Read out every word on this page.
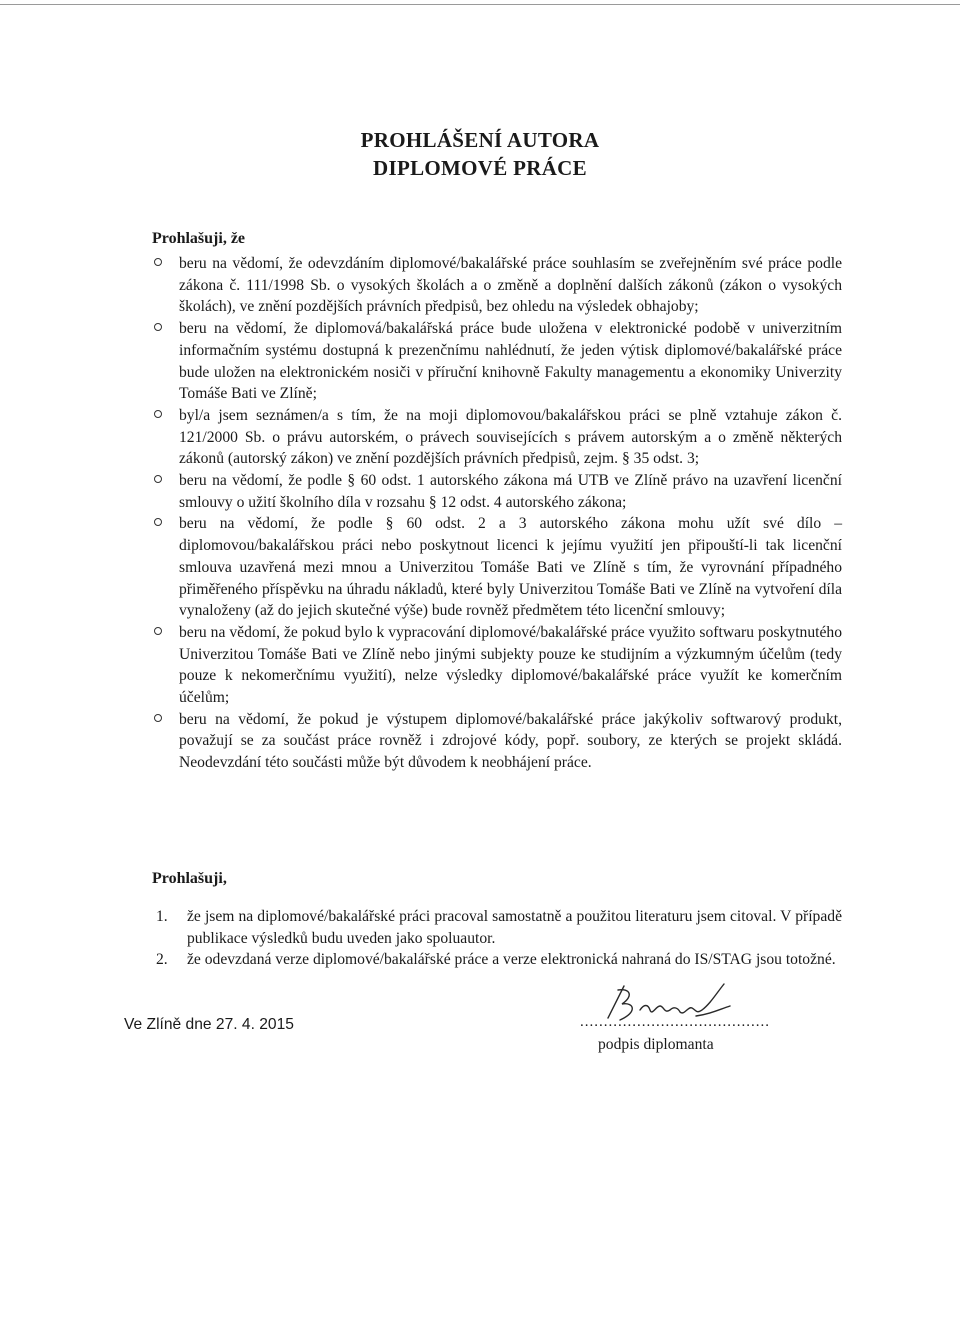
PROHLÁŠENÍ AUTORA
DIPLOMOVÉ PRÁCE
Prohlašuji, že
beru na vědomí, že odevzdáním diplomové/bakalářské práce souhlasím se zveřejněním své práce podle zákona č. 111/1998 Sb. o vysokých školách a o změně a doplnění dalších zákonů (zákon o vysokých školách), ve znění pozdějších právních předpisů, bez ohledu na výsledek obhajoby;
beru na vědomí, že diplomová/bakalářská práce bude uložena v elektronické podobě v univerzitním informačním systému dostupná k prezenčnímu nahlédnutí, že jeden výtisk diplomové/bakalářské práce bude uložen na elektronickém nosiči v příruční knihovně Fakulty managementu a ekonomiky Univerzity Tomáše Bati ve Zlíně;
byl/a jsem seznámen/a s tím, že na moji diplomovou/bakalářskou práci se plně vztahuje zákon č. 121/2000 Sb. o právu autorském, o právech souvisejících s právem autorským a o změně některých zákonů (autorský zákon) ve znění pozdějších právních předpisů, zejm. § 35 odst. 3;
beru na vědomí, že podle § 60 odst. 1 autorského zákona má UTB ve Zlíně právo na uzavření licenční smlouvy o užití školního díla v rozsahu § 12 odst. 4 autorského zákona;
beru na vědomí, že podle § 60 odst. 2 a 3 autorského zákona mohu užít své dílo – diplomovou/bakalářskou práci nebo poskytnout licenci k jejímu využití jen připouští-li tak licenční smlouva uzavřená mezi mnou a Univerzitou Tomáše Bati ve Zlíně s tím, že vyrovnání případného přiměřeného příspěvku na úhradu nákladů, které byly Univerzitou Tomáše Bati ve Zlíně na vytvoření díla vynaloženy (až do jejich skutečné výše) bude rovněž předmětem této licenční smlouvy;
beru na vědomí, že pokud bylo k vypracování diplomové/bakalářské práce využito softwaru poskytnutého Univerzitou Tomáše Bati ve Zlíně nebo jinými subjekty pouze ke studijním a výzkumným účelům (tedy pouze k nekomerčnímu využití), nelze výsledky diplomové/bakalářské práce využít ke komerčním účelům;
beru na vědomí, že pokud je výstupem diplomové/bakalářské práce jakýkoliv softwarový produkt, považují se za součást práce rovněž i zdrojové kódy, popř. soubory, ze kterých se projekt skládá. Neodevzdání této součásti může být důvodem k neobhájení práce.
Prohlašuji,
1. že jsem na diplomové/bakalářské práci pracoval samostatně a použitou literaturu jsem citoval. V případě publikace výsledků budu uveden jako spoluautor.
2. že odevzdaná verze diplomové/bakalářské práce a verze elektronická nahraná do IS/STAG jsou totožné.
Ve Zlíně dne 27. 4. 2015	........................................
podpis diplomanta
